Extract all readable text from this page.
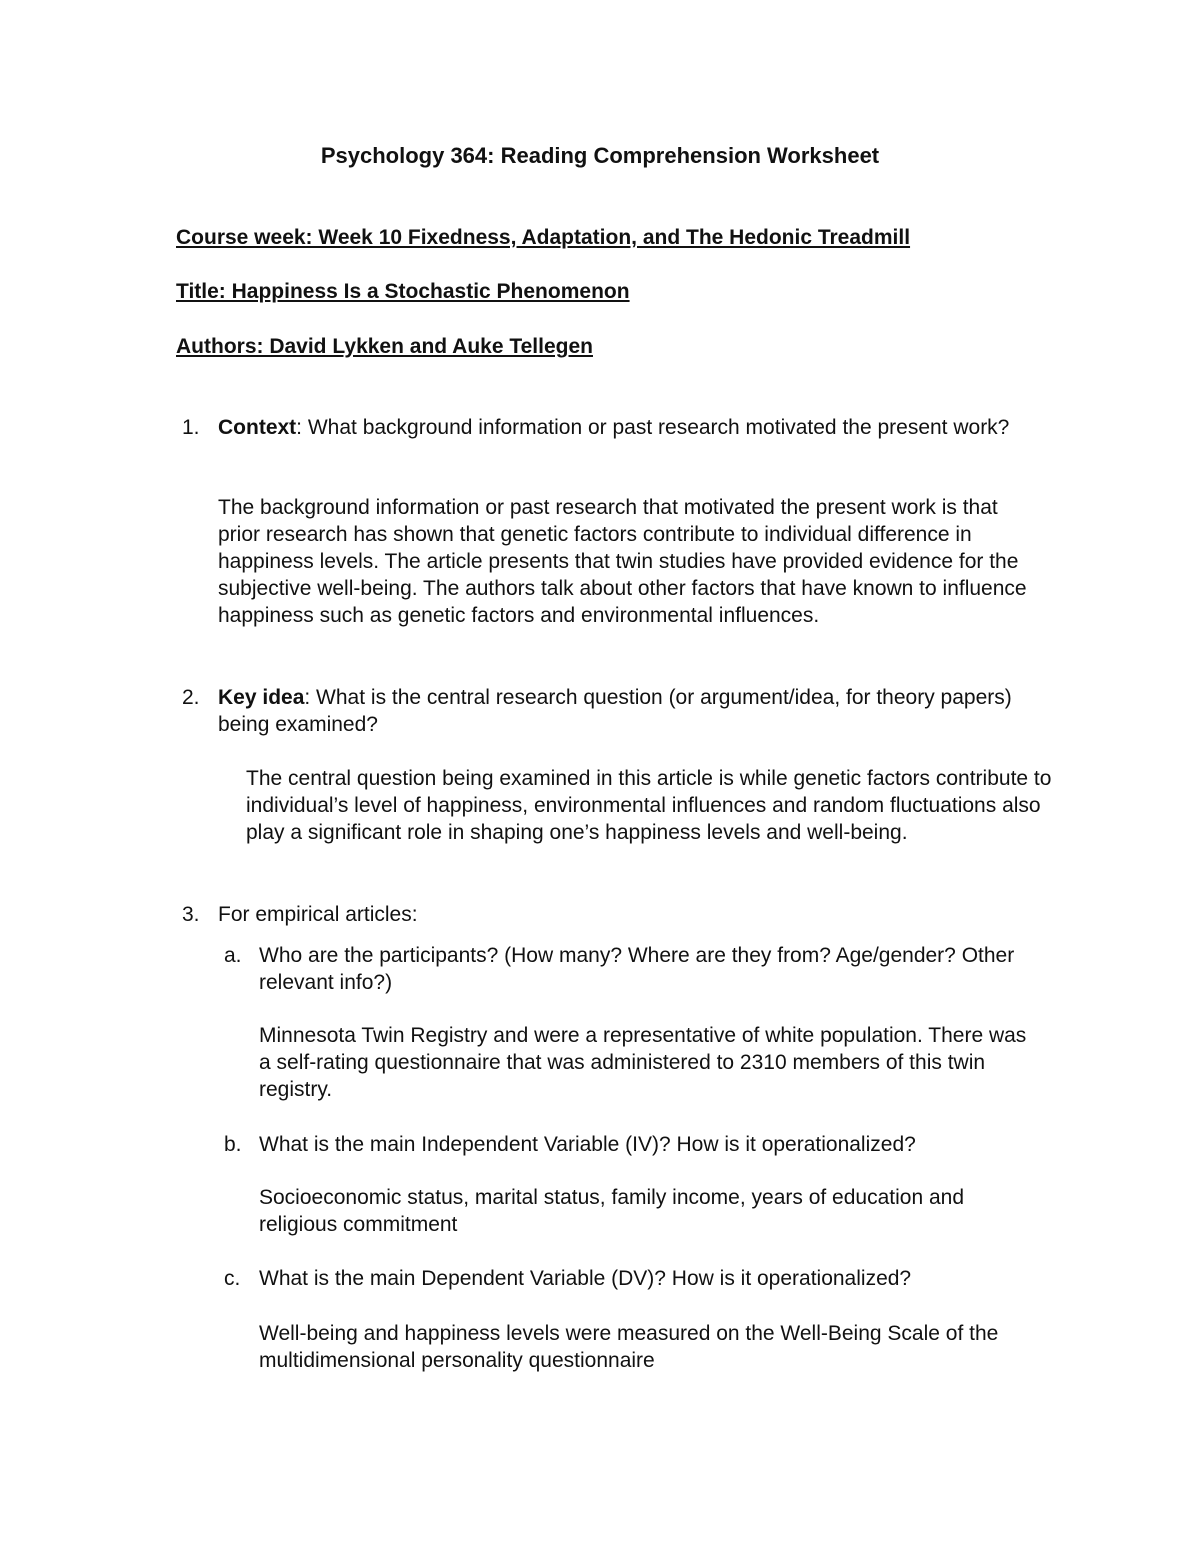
Psychology 364: Reading Comprehension Worksheet
Course week: Week 10 Fixedness, Adaptation, and The Hedonic Treadmill
Title: Happiness Is a Stochastic Phenomenon
Authors: David Lykken and Auke Tellegen
1. Context: What background information or past research motivated the present work?

The background information or past research that motivated the present work is that prior research has shown that genetic factors contribute to individual difference in happiness levels. The article presents that twin studies have provided evidence for the subjective well-being. The authors talk about other factors that have known to influence happiness such as genetic factors and environmental influences.

2. Key idea: What is the central research question (or argument/idea, for theory papers) being examined?

The central question being examined in this article is while genetic factors contribute to individual’s level of happiness, environmental influences and random fluctuations also play a significant role in shaping one’s happiness levels and well-being.

3. For empirical articles:
a. Who are the participants? (How many? Where are they from? Age/gender? Other relevant info?)

Minnesota Twin Registry and were a representative of white population. There was a self-rating questionnaire that was administered to 2310 members of this twin registry.

b. What is the main Independent Variable (IV)? How is it operationalized?

Socioeconomic status, marital status, family income, years of education and religious commitment

c. What is the main Dependent Variable (DV)? How is it operationalized?

Well-being and happiness levels were measured on the Well-Being Scale of the multidimensional personality questionnaire
